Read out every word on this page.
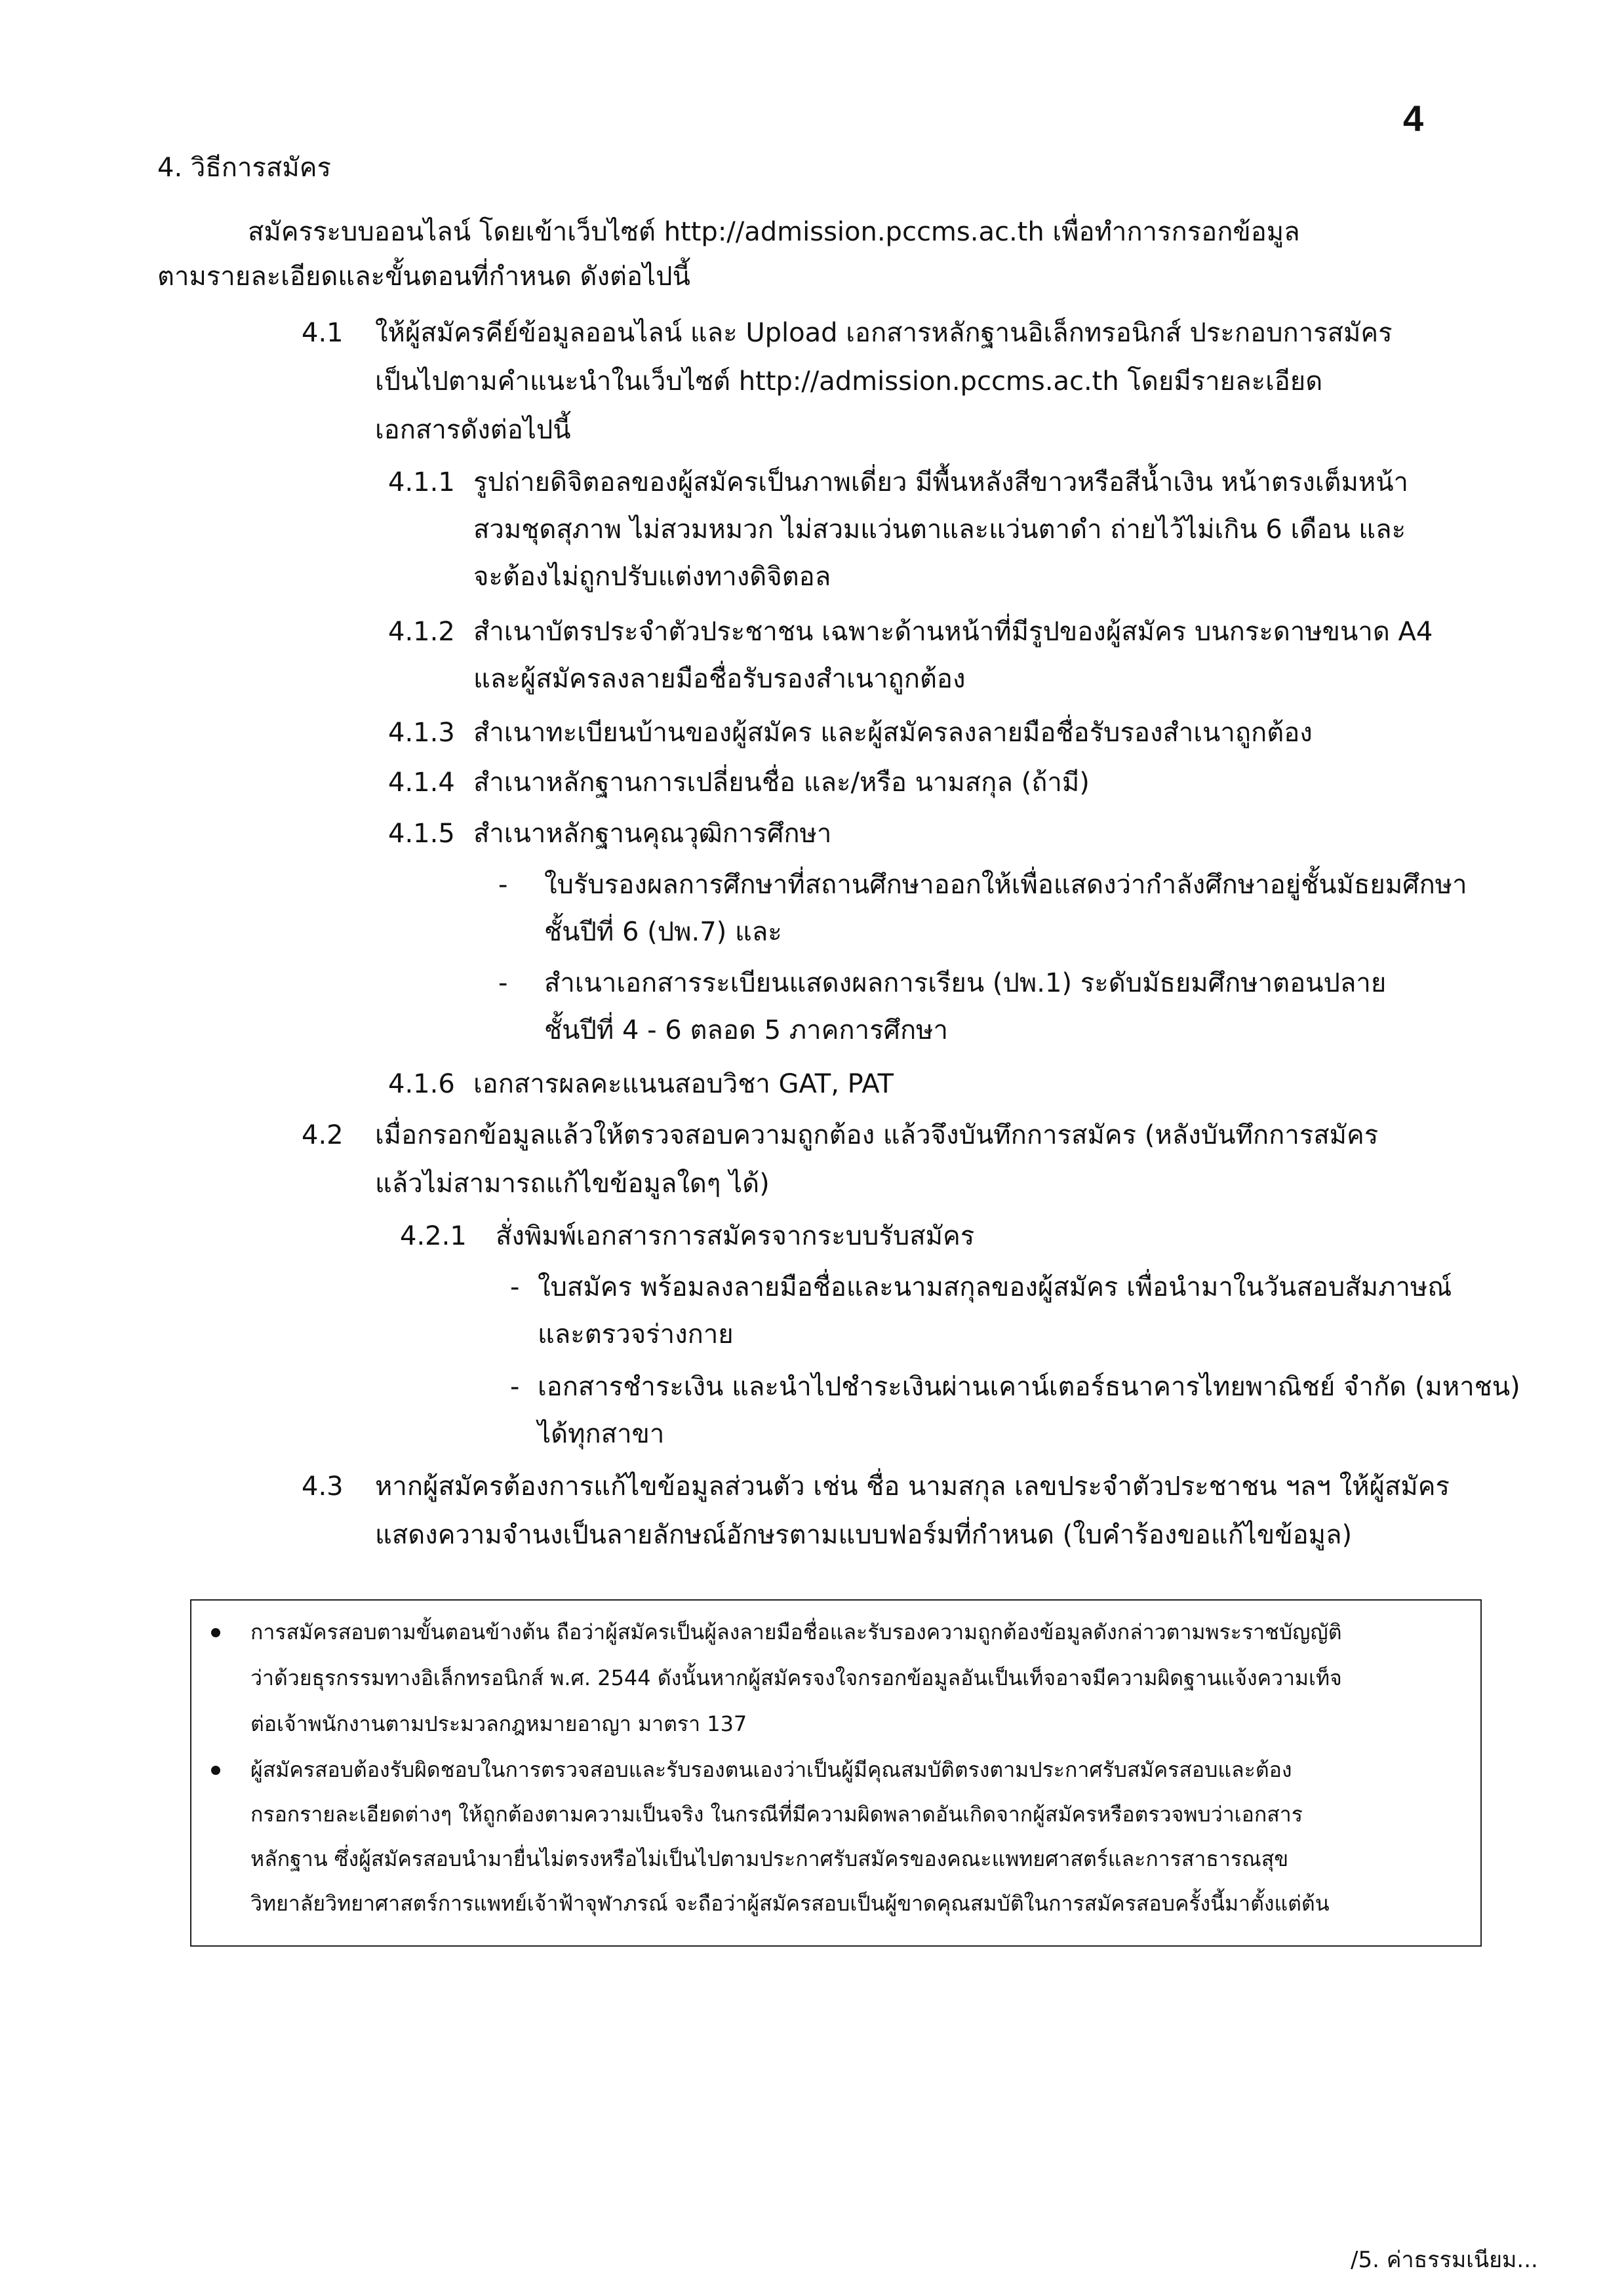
4
4. วิธีการสมัคร
สมัครระบบออนไลน์ โดยเข้าเว็บไซต์ http://admission.pccms.ac.th เพื่อทำการกรอกข้อมูล
ตามรายละเอียดและขั้นตอนที่กำหนด ดังต่อไปนี้
4.1 ให้ผู้สมัครคีย์ข้อมูลออนไลน์ และ Upload เอกสารหลักฐานอิเล็กทรอนิกส์ ประกอบการสมัคร
เป็นไปตามคำแนะนำในเว็บไซต์ http://admission.pccms.ac.th โดยมีรายละเอียด
เอกสารดังต่อไปนี้
4.1.1 รูปถ่ายดิจิตอลของผู้สมัครเป็นภาพเดี่ยว มีพื้นหลังสีขาวหรือสีน้ำเงิน หน้าตรงเต็มหน้า
สวมชุดสุภาพ ไม่สวมหมวก ไม่สวมแว่นตาและแว่นตาดำ ถ่ายไว้ไม่เกิน 6 เดือน และ
จะต้องไม่ถูกปรับแต่งทางดิจิตอล
4.1.2 สำเนาบัตรประจำตัวประชาชน เฉพาะด้านหน้าที่มีรูปของผู้สมัคร บนกระดาษขนาด A4
และผู้สมัครลงลายมือชื่อรับรองสำเนาถูกต้อง
4.1.3 สำเนาทะเบียนบ้านของผู้สมัคร และผู้สมัครลงลายมือชื่อรับรองสำเนาถูกต้อง
4.1.4 สำเนาหลักฐานการเปลี่ยนชื่อ และ/หรือ นามสกุล (ถ้ามี)
4.1.5 สำเนาหลักฐานคุณวุฒิการศึกษา
- ใบรับรองผลการศึกษาที่สถานศึกษาออกให้เพื่อแสดงว่ากำลังศึกษาอยู่ชั้นมัธยมศึกษา
ชั้นปีที่ 6 (ปพ.7) และ
- สำเนาเอกสารระเบียนแสดงผลการเรียน (ปพ.1) ระดับมัธยมศึกษาตอนปลาย
ชั้นปีที่ 4 - 6 ตลอด 5 ภาคการศึกษา
4.1.6 เอกสารผลคะแนนสอบวิชา GAT, PAT
4.2 เมื่อกรอกข้อมูลแล้วให้ตรวจสอบความถูกต้อง แล้วจึงบันทึกการสมัคร (หลังบันทึกการสมัคร
แล้วไม่สามารถแก้ไขข้อมูลใดๆ ได้)
4.2.1 สั่งพิมพ์เอกสารการสมัครจากระบบรับสมัคร
- ใบสมัคร พร้อมลงลายมือชื่อและนามสกุลของผู้สมัคร เพื่อนำมาในวันสอบสัมภาษณ์
และตรวจร่างกาย
- เอกสารชำระเงิน และนำไปชำระเงินผ่านเคาน์เตอร์ธนาคารไทยพาณิชย์ จำกัด (มหาชน)
ได้ทุกสาขา
4.3 หากผู้สมัครต้องการแก้ไขข้อมูลส่วนตัว เช่น ชื่อ นามสกุล เลขประจำตัวประชาชน ฯลฯ ให้ผู้สมัคร
แสดงความจำนงเป็นลายลักษณ์อักษรตามแบบฟอร์มที่กำหนด (ใบคำร้องขอแก้ไขข้อมูล)
การสมัครสอบตามขั้นตอนข้างต้น ถือว่าผู้สมัครเป็นผู้ลงลายมือชื่อและรับรองความถูกต้องข้อมูลดังกล่าวตามพระราชบัญญัติ
ว่าด้วยธุรกรรมทางอิเล็กทรอนิกส์ พ.ศ. 2544 ดังนั้นหากผู้สมัครจงใจกรอกข้อมูลอันเป็นเท็จอาจมีความผิดฐานแจ้งความเท็จ
ต่อเจ้าพนักงานตามประมวลกฎหมายอาญา มาตรา 137
ผู้สมัครสอบต้องรับผิดชอบในการตรวจสอบและรับรองตนเองว่าเป็นผู้มีคุณสมบัติตรงตามประกาศรับสมัครสอบและต้อง
กรอกรายละเอียดต่างๆ ให้ถูกต้องตามความเป็นจริง ในกรณีที่มีความผิดพลาดอันเกิดจากผู้สมัครหรือตรวจพบว่าเอกสาร
หลักฐาน ซึ่งผู้สมัครสอบนำมายื่นไม่ตรงหรือไม่เป็นไปตามประกาศรับสมัครของคณะแพทยศาสตร์และการสาธารณสุข
วิทยาลัยวิทยาศาสตร์การแพทย์เจ้าฟ้าจุฬาภรณ์ จะถือว่าผู้สมัครสอบเป็นผู้ขาดคุณสมบัติในการสมัครสอบครั้งนี้มาตั้งแต่ต้น
/5. ค่าธรรมเนียม...
